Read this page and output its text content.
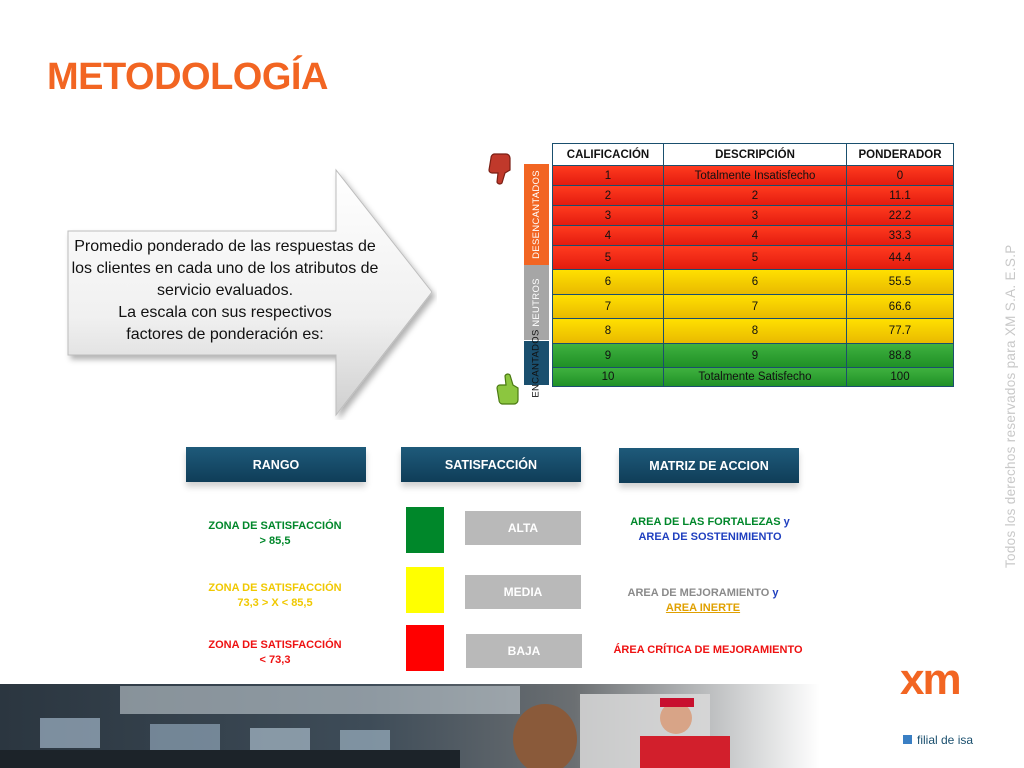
METODOLOGÍA
Promedio ponderado de las respuestas de
los clientes en cada uno de los atributos de
servicio evaluados.
La escala con sus respectivos
factores de ponderación es:
DESENCANTADOS
NEUTROS
ENCANTADOS
CALIFICACIÓN	DESCRIPCIÓN	PONDERADOR
1	Totalmente Insatisfecho	0
2	2	11.1
3	3	22.2
4	4	33.3
5	5	44.4
6	6	55.5
7	7	66.6
8	8	77.7
9	9	88.8
10	Totalmente Satisfecho	100
RANGO	SATISFACCIÓN	MATRIZ DE ACCION
ZONA DE SATISFACCIÓN
> 85,5
ALTA	AREA DE LAS FORTALEZAS y
AREA DE SOSTENIMIENTO
ZONA DE SATISFACCIÓN
73,3 > X < 85,5
MEDIA	AREA DE MEJORAMIENTO y
AREA INERTE
ZONA DE SATISFACCIÓN
< 73,3
BAJA	ÁREA CRÍTICA DE MEJORAMIENTO
Todos los derechos reservados para XM S.A. E.S.P
xm
filial de isa
